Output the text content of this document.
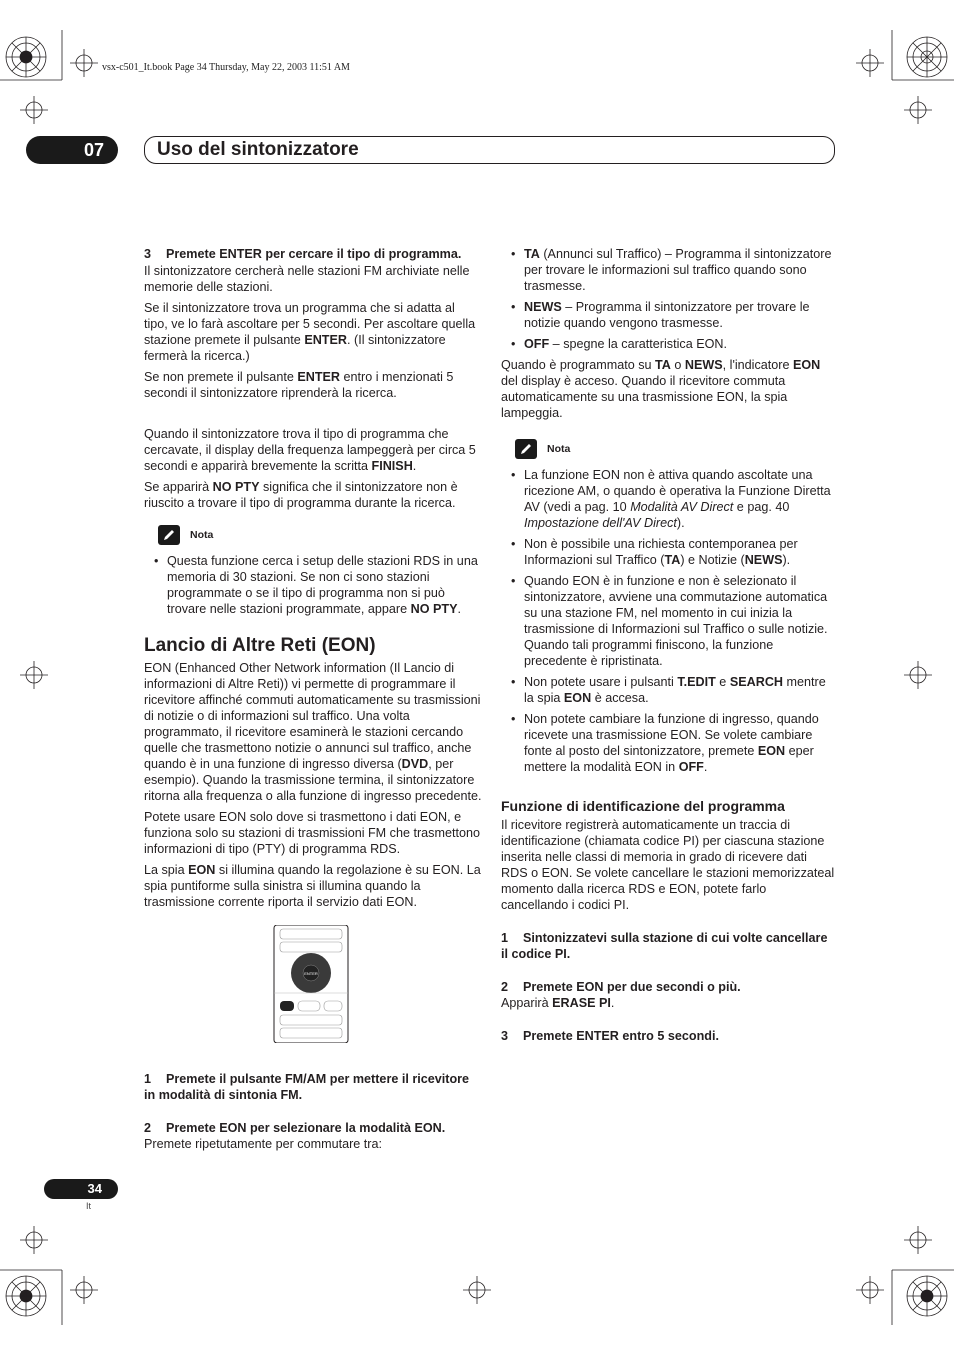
vsx-c501_It.book Page 34 Thursday, May 22, 2003 11:51 AM
07	Uso del sintonizzatore

3 Premete ENTER per cercare il tipo di programma.

Il sintonizzatore cercherà nelle stazioni FM archiviate nelle memorie delle stazioni.

Se il sintonizzatore trova un programma che si adatta al tipo, ve lo farà ascoltare per 5 secondi. Per ascoltare quella stazione premete il pulsante ENTER. (Il sintonizzatore fermerà la ricerca.)

Se non premete il pulsante ENTER entro i menzionati 5 secondi il sintonizzatore riprenderà la ricerca.

Quando il sintonizzatore trova il tipo di programma che cercavate, il display della frequenza lampeggerà per circa 5 secondi e apparirà brevemente la scritta FINISH.

Se apparirà NO PTY significa che il sintonizzatore non è riuscito a trovare il tipo di programma durante la ricerca.

Nota
• Questa funzione cerca i setup delle stazioni RDS in una memoria di 30 stazioni. Se non ci sono stazioni programmate o se il tipo di programma non si può trovare nelle stazioni programmate, appare NO PTY.
Lancio di Altre Reti (EON)

EON (Enhanced Other Network information (Il Lancio di informazioni di Altre Reti)) vi permette di programmare il ricevitore affinché commuti automaticamente su trasmissioni di notizie o di informazioni sul traffico. Una volta programmato, il ricevitore esaminerà le stazioni cercando quelle che trasmettono notizie o annunci sul traffico, anche quando è in una funzione di ingresso diversa (DVD, per esempio). Quando la trasmissione termina, il sintonizzatore ritorna alla frequenza o alla funzione di ingresso precedente.

Potete usare EON solo dove si trasmettono i dati EON, e funziona solo su stazioni di trasmissioni FM che trasmettono informazioni di tipo (PTY) di programma RDS.

La spia EON si illumina quando la regolazione è su EON. La spia puntiforme sulla sinistra si illumina quando la trasmissione corrente riporta il servizio dati EON.

ENTER

1 Premete il pulsante FM/AM per mettere il ricevitore in modalità di sintonia FM.

2 Premete EON per selezionare la modalità EON.

Premete ripetutamente per commutare tra:

• TA (Annunci sul Traffico) – Programma il sintonizzatore per trovare le informazioni sul traffico quando sono trasmesse.
• NEWS – Programma il sintonizzatore per trovare le notizie quando vengono trasmesse.
• OFF – spegne la caratteristica EON.

Quando è programmato su TA o NEWS, l'indicatore EON del display è acceso. Quando il ricevitore commuta automaticamente su una trasmissione EON, la spia lampeggia.

Nota
• La funzione EON non è attiva quando ascoltate una ricezione AM, o quando è operativa la Funzione Diretta AV (vedi a pag. 10 Modalità AV Direct e pag. 40 Impostazione dell'AV Direct).
• Non è possibile una richiesta contemporanea per Informazioni sul Traffico (TA) e Notizie (NEWS).
• Quando EON è in funzione e non è selezionato il sintonizzatore, avviene una commutazione automatica su una stazione FM, nel momento in cui inizia la trasmissione di Informazioni sul Traffico o sulle notizie. Quando tali programmi finiscono, la funzione precedente è ripristinata.
• Non potete usare i pulsanti T.EDIT e SEARCH mentre la spia EON è accesa.
• Non potete cambiare la funzione di ingresso, quando ricevete una trasmissione EON. Se volete cambiare fonte al posto del sintonizzatore, premete EON eper mettere la modalità EON in OFF.
Funzione di identificazione del programma

Il ricevitore registrerà automaticamente un traccia di identificazione (chiamata codice PI) per ciascuna stazione inserita nelle classi di memoria in grado di ricevere dati RDS o EON. Se volete cancellare le stazioni memorizzateal momento dalla ricerca RDS e EON, potete farlo cancellando i codici PI.

1 Sintonizzatevi sulla stazione di cui volte cancellare il codice PI.

2 Premete EON per due secondi o più.

Apparirà ERASE PI.

3 Premete ENTER entro 5 secondi.

34
It
